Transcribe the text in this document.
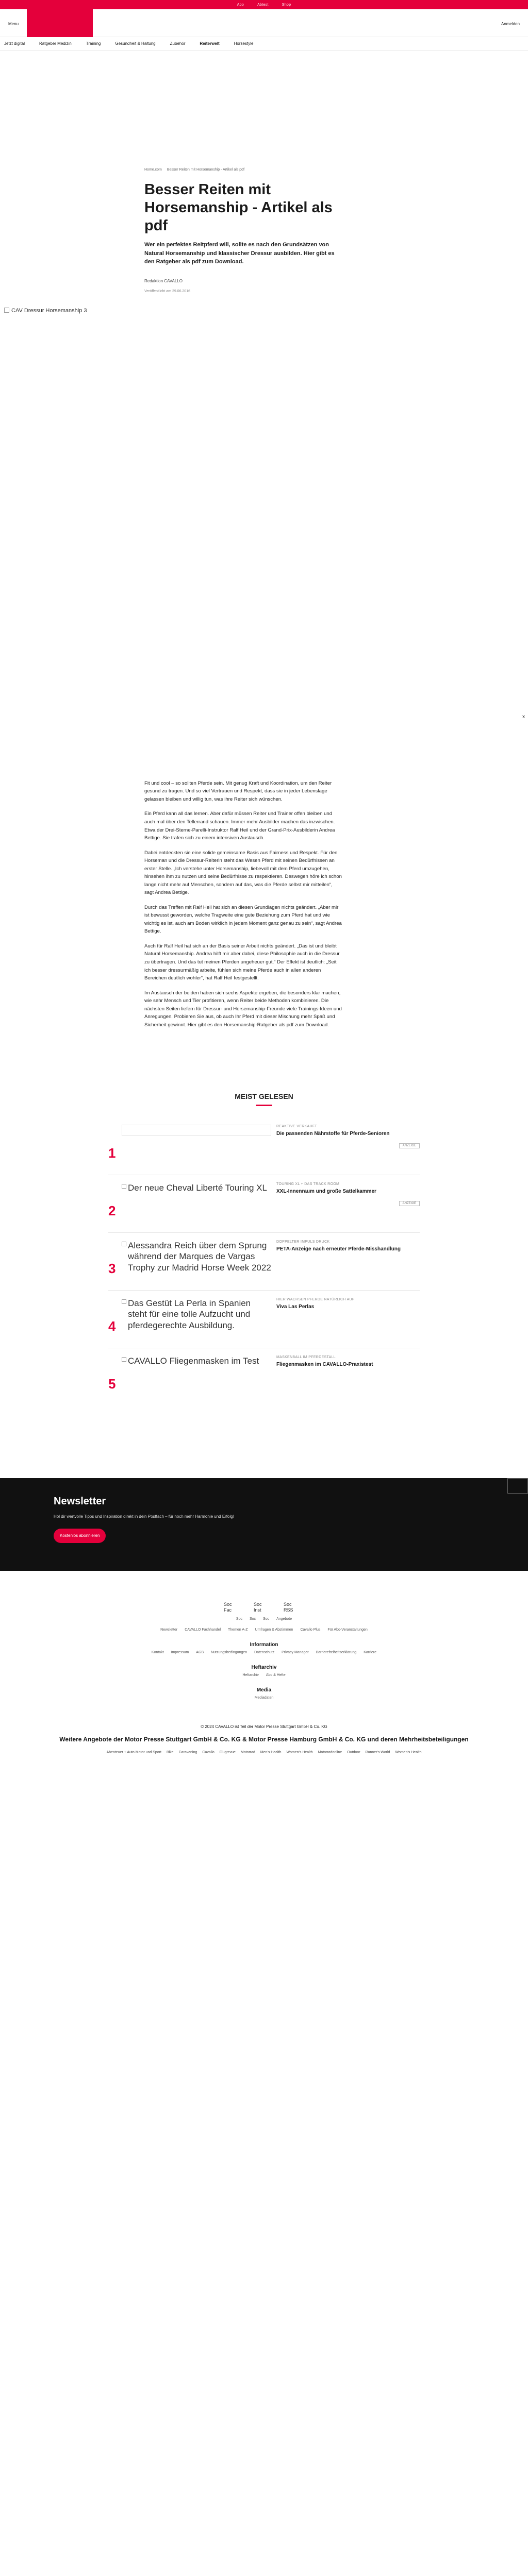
Abo	Abtest	Shop
Menu	Anmelden
Jetzt digital	Ratgeber Medizin	Training	Gesundheit & Haltung	Zubehör	Reiterwelt	Horsestyle
Home.com Besser Reiten mit Horsemanship - Artikel als pdf
Besser Reiten mit Horsemanship - Artikel als pdf

Wer ein perfektes Reitpferd will, sollte es nach den Grundsätzen von Natural Horsemanship und klassischer Dressur ausbilden. Hier gibt es den Ratgeber als pdf zum Download.

Redaktion CAVALLO
Veröffentlicht am 29.06.2016
CAV Dressur Horsemanship 3
x

Fit und cool – so sollten Pferde sein. Mit genug Kraft und Koordination, um den Reiter gesund zu tragen. Und so viel Vertrauen und Respekt, dass sie in jeder Lebenslage gelassen bleiben und willig tun, was ihre Reiter sich wünschen.

Ein Pferd kann all das lernen. Aber dafür müssen Reiter und Trainer offen bleiben und auch mal über den Tellerrand schauen. Immer mehr Ausbilder machen das inzwischen. Etwa der Drei-Sterne-Parelli-Instruktor Ralf Heil und der Grand-Prix-Ausbilderin Andrea Bettige. Sie trafen sich zu einem intensiven Austausch.

Dabei entdeckten sie eine solide gemeinsame Basis aus Fairness und Respekt. Für den Horseman und die Dressur-Reiterin steht das Wesen Pferd mit seinen Bedürfnissen an erster Stelle. „Ich verstehe unter Horsemanship, liebevoll mit dem Pferd umzugehen, hinsehen ihm zu nutzen und seine Bedürfnisse zu respektieren. Deswegen höre ich schon lange nicht mehr auf Menschen, sondern auf das, was die Pferde selbst mir mitteilen“, sagt Andrea Bettige.

Durch das Treffen mit Ralf Heil hat sich an diesen Grundlagen nichts geändert. „Aber mir ist bewusst geworden, welche Tragweite eine gute Beziehung zum Pferd hat und wie wichtig es ist, auch am Boden wirklich in jedem Moment ganz genau zu sein“, sagt Andrea Bettige.

Auch für Ralf Heil hat sich an der Basis seiner Arbeit nichts geändert. „Das ist und bleibt Natural Horsemanship. Andrea hilft mir aber dabei, diese Philosophie auch in die Dressur zu übertragen. Und das tut meinen Pferden ungeheuer gut.“ Der Effekt ist deutlich: „Seit ich besser dressurmäßig arbeite, fühlen sich meine Pferde auch in allen anderen Bereichen deutlich wohler“, hat Ralf Heil festgestellt.

Im Austausch der beiden haben sich sechs Aspekte ergeben, die besonders klar machen, wie sehr Mensch und Tier profitieren, wenn Reiter beide Methoden kombinieren. Die nächsten Seiten liefern für Dressur- und Horsemanship-Freunde viele Trainings-Ideen und Anregungen. Probieren Sie aus, ob auch Ihr Pferd mit dieser Mischung mehr Spaß und Sicherheit gewinnt. Hier gibt es den Horsemanship-Ratgeber als pdf zum Download.

MEIST GELESEN
1
REAKTIVE VERKAUFT
Die passenden Nährstoffe für Pferde-Senioren
ANZEIGE
2
Der neue Cheval Liberté Touring XL	TOURING XL + DAS TRACK ROOM
XXL-Innenraum und große Sattelkammer
ANZEIGE
3
Alessandra Reich über dem Sprung während der Marques de Vargas Trophy zur Madrid Horse Week 2022
DOPPELTER IMPULS DRUCK
PETA-Anzeige nach erneuter Pferde-Misshandlung
4
Das Gestüt La Perla in Spanien steht für eine tolle Aufzucht und pferdegerechte Ausbildung.
HIER WACHSEN PFERDE NATÜRLICH AUF
Viva Las Perlas
5
CAVALLO Fliegenmasken im Test	MASKENBALL IM PFERDESTALL
Fliegenmasken im CAVALLO-Praxistest
Newsletter

Hol dir wertvolle Tipps und Inspiration direkt in dein Postfach – für noch mehr Harmonie und Erfolg!

Kostenlos abonnieren
Soc
Fac
Soc
Inst
Soc
RSS
Soc Soc Soc Angebote
Newsletter CAVALLO Fachhandel Themen A-Z Umfragen & Abstimmen Cavallo Plus Für Abo-Veranstaltungen
Information
Kontakt Impressum AGB Nutzungsbedingungen Datenschutz Privacy Manager Barrierefreiheitserklärung Karriere
Heftarchiv
Heftarchiv Abo & Hefte
Media
Mediadaten
© 2024 CAVALLO ist Teil der Motor Presse Stuttgart GmbH & Co. KG
Weitere Angebote der Motor Presse Stuttgart GmbH & Co. KG & Motor Presse Hamburg GmbH & Co. KG und deren Mehrheitsbeteiligungen
Abenteuer + Auto Motor und Sport Bike Caravaning Cavallo Flugrevue Motorrad Men's Health Women's Health Motorradonline Outdoor Runner's World Women's Health
